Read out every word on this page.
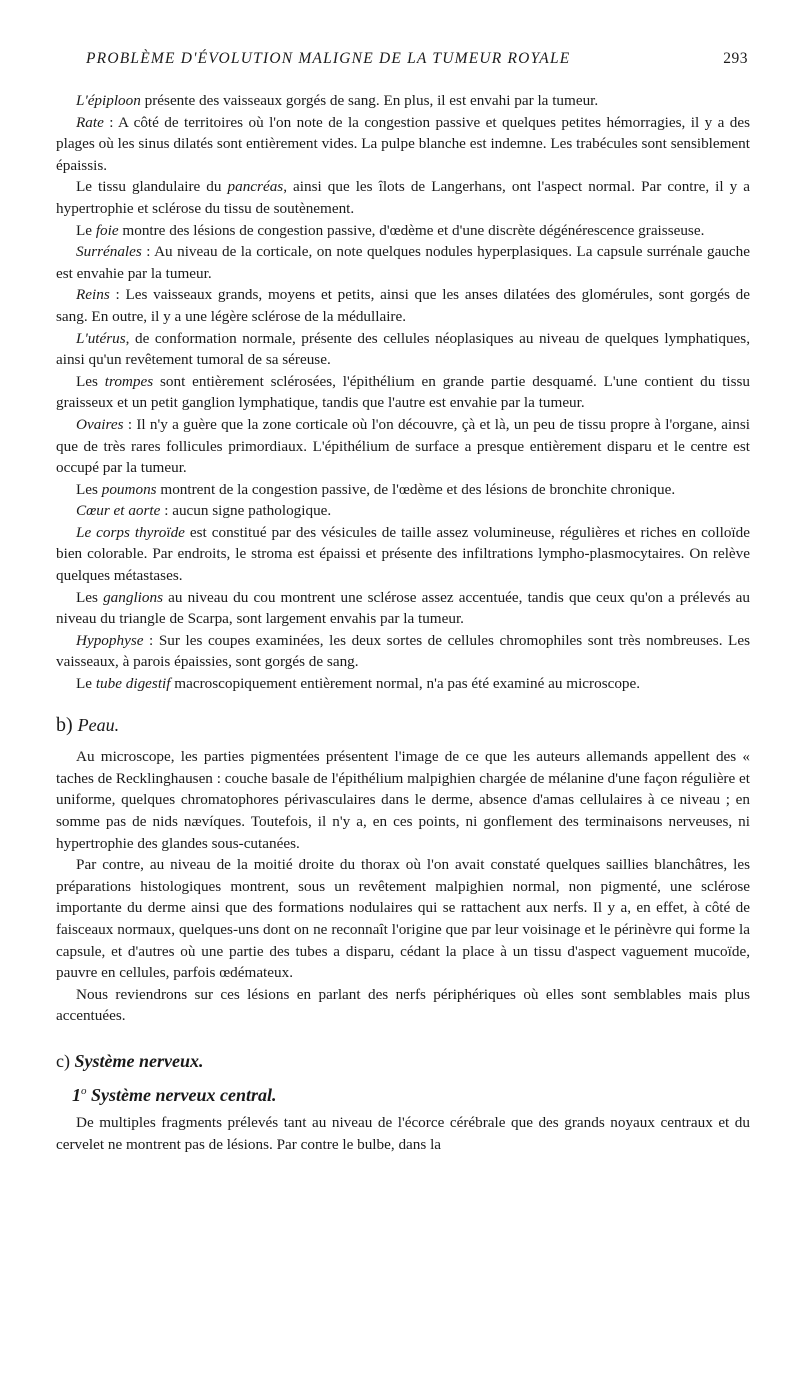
PROBLÈME D'ÉVOLUTION MALIGNE DE LA TUMEUR ROYALE	293

L'épiploon présente des vaisseaux gorgés de sang. En plus, il est envahi par la tumeur.

Rate : A côté de territoires où l'on note de la congestion passive et quelques petites hémorragies, il y a des plages où les sinus dilatés sont entièrement vides. La pulpe blanche est indemne. Les trabécules sont sensiblement épaissis.

Le tissu glandulaire du pancréas, ainsi que les îlots de Langerhans, ont l'aspect normal. Par contre, il y a hypertrophie et sclérose du tissu de soutènement.

Le foie montre des lésions de congestion passive, d'œdème et d'une discrète dégénérescence graisseuse.

Surrénales : Au niveau de la corticale, on note quelques nodules hyperplasiques. La capsule surrénale gauche est envahie par la tumeur.

Reins : Les vaisseaux grands, moyens et petits, ainsi que les anses dilatées des glomérules, sont gorgés de sang. En outre, il y a une légère sclérose de la médullaire.

L'utérus, de conformation normale, présente des cellules néoplasiques au niveau de quelques lymphatiques, ainsi qu'un revêtement tumoral de sa séreuse.

Les trompes sont entièrement sclérosées, l'épithélium en grande partie desquamé. L'une contient du tissu graisseux et un petit ganglion lymphatique, tandis que l'autre est envahie par la tumeur.

Ovaires : Il n'y a guère que la zone corticale où l'on découvre, çà et là, un peu de tissu propre à l'organe, ainsi que de très rares follicules primordiaux. L'épithélium de surface a presque entièrement disparu et le centre est occupé par la tumeur.

Les poumons montrent de la congestion passive, de l'œdème et des lésions de bronchite chronique.

Cœur et aorte : aucun signe pathologique.

Le corps thyroïde est constitué par des vésicules de taille assez volumineuse, régulières et riches en colloïde bien colorable. Par endroits, le stroma est épaissi et présente des infiltrations lympho-plasmocytaires. On relève quelques métastases.

Les ganglions au niveau du cou montrent une sclérose assez accentuée, tandis que ceux qu'on a prélevés au niveau du triangle de Scarpa, sont largement envahis par la tumeur.

Hypophyse : Sur les coupes examinées, les deux sortes de cellules chromophiles sont très nombreuses. Les vaisseaux, à parois épaissies, sont gorgés de sang.

Le tube digestif macroscopiquement entièrement normal, n'a pas été examiné au microscope.

b) Peau.

Au microscope, les parties pigmentées présentent l'image de ce que les auteurs allemands appellent des « taches de Recklinghausen : couche basale de l'épithélium malpighien chargée de mélanine d'une façon régulière et uniforme, quelques chromatophores périvasculaires dans le derme, absence d'amas cellulaires à ce niveau ; en somme pas de nids nævíques. Toutefois, il n'y a, en ces points, ni gonflement des terminaisons nerveuses, ni hypertrophie des glandes sous-cutanées.

Par contre, au niveau de la moitié droite du thorax où l'on avait constaté quelques saillies blanchâtres, les préparations histologiques montrent, sous un revêtement malpighien normal, non pigmenté, une sclérose importante du derme ainsi que des formations nodulaires qui se rattachent aux nerfs. Il y a, en effet, à côté de faisceaux normaux, quelques-uns dont on ne reconnaît l'origine que par leur voisinage et le périnèvre qui forme la capsule, et d'autres où une partie des tubes a disparu, cédant la place à un tissu d'aspect vaguement mucoïde, pauvre en cellules, parfois œdémateux.

Nous reviendrons sur ces lésions en parlant des nerfs périphériques où elles sont semblables mais plus accentuées.

c) Système nerveux.

1$^o$ Système nerveux central.

De multiples fragments prélevés tant au niveau de l'écorce cérébrale que des grands noyaux centraux et du cervelet ne montrent pas de lésions. Par contre le bulbe, dans la
